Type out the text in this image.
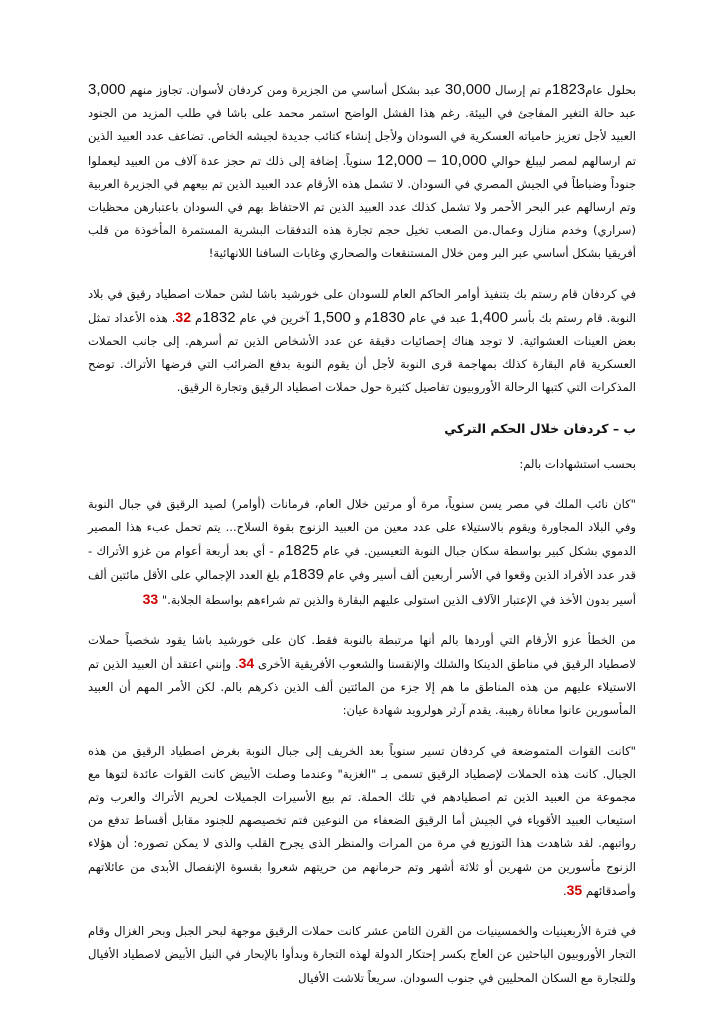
بحلول عام1823م تم إرسال 30,000 عبد بشكل أساسي من الجزيرة ومن كردفان لأسوان. تجاوز منهم 3,000 عبد حالة التغير المفاجئ في البيئة. رغم هذا الفشل الواضح استمر محمد على باشا في طلب المزيد من الجنود العبيد لأجل تعزيز حامياته العسكرية في السودان ولأجل إنشاء كتائب جديدة لجيشه الخاص. تضاعف عدد العبيد الذين تم ارسالهم لمصر ليبلغ حوالي 10,000 – 12,000 سنوياً. إضافة إلى ذلك تم حجز عدة آلاف من العبيد ليعملوا جنوداً وضباطاً في الجيش المصري في السودان. لا تشمل هذه الأرقام عدد العبيد الذين تم بيعهم في الجزيرة العربية وتم ارسالهم عبر البحر الأحمر ولا تشمل كذلك عدد العبيد الذين تم الاحتفاظ بهم في السودان باعتبارهن محظيات (سراري) وخدم منازل وعمال.من الصعب تخيل حجم تجارة هذه التدفقات البشرية المستمرة المأخوذة من قلب أفريقيا بشكل أساسي عبر البر ومن خلال المستنقعات والصحاري وغابات السافنا اللانهائية!

في كردفان قام رستم بك بتنفيذ أوامر الحاكم العام للسودان على خورشيد باشا لشن حملات اصطياد رقيق في بلاد النوبة. قام رستم بك بأسر 1,400 عبد في عام 1830م و 1,500 آخرين في عام 1832م 32. هذه الأعداد تمثل بعض العينات العشوائية. لا توجد هناك إحصائيات دقيقة عن عدد الأشخاص الذين تم أسرهم. إلى جانب الحملات العسكرية قام البقارة كذلك بمهاجمة قرى النوبة لأجل أن يقوم النوبة بدفع الضرائب التي فرضها الأتراك. توضح المذكرات التي كتبها الرحالة الأوروبيون تفاصيل كثيرة حول حملات اصطياد الرقيق وتجارة الرقيق.

ب – كردفان خلال الحكم التركي

بحسب استشهادات بالم:

"كان نائب الملك في مصر يسن سنوياً، مرة أو مرتين خلال العام، فرمانات (أوامر) لصيد الرقيق في جبال النوبة وفي البلاد المجاورة ويقوم بالاستيلاء على عدد معين من العبيد الزنوج بقوة السلاح... يتم تحمل عبء هذا المصير الدموي بشكل كبير بواسطة سكان جبال النوبة التعيسين. في عام 1825م - أي بعد أربعة أعوام من غزو الأتراك - قدر عدد الأفراد الذين وقعوا في الأسر أربعين ألف أسير وفي عام 1839م بلغ العدد الإجمالي على الأقل مائتين ألف أسير بدون الأخذ في الإعتبار الآلاف الذين استولى عليهم البقارة والذين تم شراءهم بواسطة الجلابة." 33

من الخطأ عزو الأرقام التي أوردها بالم أنها مرتبطة بالنوبة فقط. كان على خورشيد باشا يقود شخصياً حملات لاصطياد الرقيق في مناطق الدينكا والشلك والإنقسنا والشعوب الأفريقية الأخرى 34. وإنني اعتقد أن العبيد الذين تم الاستيلاء عليهم من هذه المناطق ما هم إلا جزء من المائتين ألف الذين ذكرهم بالم. لكن الأمر المهم أن العبيد المأسورين عانوا معاناة رهيبة. يقدم آرثر هولرويد شهادة عيان:

"كانت القوات المتموضعة في كردفان تسير سنوياً بعد الخريف إلى جبال النوبة بغرض اصطياد الرقيق من هذه الجبال. كانت هذه الحملات لإصطياد الرقيق تسمى بـ "الغزية" وعندما وصلت الأبيض كانت القوات عائدة لتوها مع مجموعة من العبيد الذين تم اصطيادهم في تلك الحملة. تم بيع الأسيرات الجميلات لحريم الأتراك والعرب وتم استيعاب العبيد الأقوياء في الجيش أما الرقيق الضعفاء من النوعين فتم تخصيصهم للجنود مقابل أقساط تدفع من رواتبهم. لقد شاهدت هذا التوزيع في مرة من المرات والمنظر الذى يجرح القلب والذى لا يمكن تصوره: أن هؤلاء الزنوج مأسورين من شهرين أو ثلاثة أشهر وتم حرمانهم من حريتهم شعروا بقسوة الإنفصال الأبدى من عائلاتهم وأصدقائهم 35.

في فترة الأربعينيات والخمسينيات من القرن الثامن عشر كانت حملات الرقيق موجهة لبحر الجبل وبحر الغزال وقام التجار الأوروبيون الباحثين عن العاج بكسر إحتكار الدولة لهذه التجارة وبدأوا بالإبحار في النيل الأبيض لاصطياد الأفيال وللتجارة مع السكان المحليين في جنوب السودان. سريعاً تلاشت الأفيال
